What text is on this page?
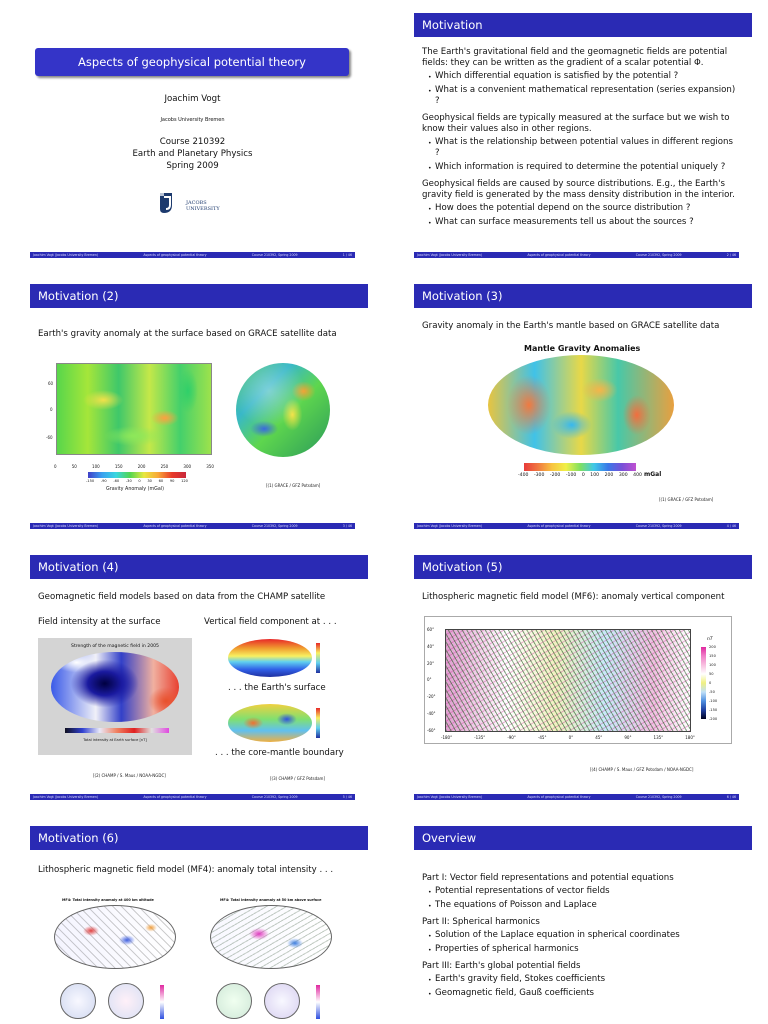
Aspects of geophysical potential theory
Joachim Vogt
Jacobs University Bremen
Course 210392
Earth and Planetary Physics
Spring 2009
JACOBS
UNIVERSITY
Joachim Vogt (Jacobs University Bremen)	Aspects of geophysical potential theory	Course 210392, Spring 2009	1 / 46
Motivation

The Earth's gravitational field and the geomagnetic fields are potential fields: they can be written as the gradient of a scalar potential Φ.

• Which differential equation is satisfied by the potential ?
• What is a convenient mathematical representation (series expansion) ?

Geophysical fields are typically measured at the surface but we wish to know their values also in other regions.

• What is the relationship between potential values in different regions ?
• Which information is required to determine the potential uniquely ?

Geophysical fields are caused by source distributions. E.g., the Earth's gravity field is generated by the mass density distribution in the interior.

• How does the potential depend on the source distribution ?
• What can surface measurements tell us about the sources ?
Joachim Vogt (Jacobs University Bremen)	Aspects of geophysical potential theory	Course 210392, Spring 2009	2 / 46
Motivation (2)
Earth's gravity anomaly at the surface based on GRACE satellite data
60
0
-60
0	50	100	150	200	250	300	350
-150 -90 -60 -30 0 30 60 90 120
Gravity Anomaly (mGal)
[(1) GRACE / GFZ Potsdam]
Joachim Vogt (Jacobs University Bremen)	Aspects of geophysical potential theory	Course 210392, Spring 2009	3 / 46
Motivation (3)
Gravity anomaly in the Earth's mantle based on GRACE satellite data
Mantle Gravity Anomalies
-400 -300 -200 -100 0 100 200 300 400 mGal
[(1) GRACE / GFZ Potsdam]
Joachim Vogt (Jacobs University Bremen)	Aspects of geophysical potential theory	Course 210392, Spring 2009	4 / 46
Motivation (4)
Geomagnetic field models based on data from the CHAMP satellite
Field intensity at the surface	Vertical field component at . . .
Strength of the magnetic field in 2005
Total intensity at Earth surface [nT]
. . . the Earth's surface
. . . the core-mantle boundary
[(2) CHAMP / S. Maus / NOAA-NGDC]
[(3) CHAMP / GFZ Potsdam]
Joachim Vogt (Jacobs University Bremen)	Aspects of geophysical potential theory	Course 210392, Spring 2009	5 / 46
Motivation (5)
Lithospheric magnetic field model (MF6): anomaly vertical component
60°
40°
20°
0°
-20°
-40°
-60°
-180°	-135°	-90°	-45°	0°	45°	90°	135°	180°
nT
200
150
100
50
0
-50
-100
-150
-200
[(4) CHAMP / S. Maus / GFZ Potsdam / NOAA-NGDC]
Joachim Vogt (Jacobs University Bremen)	Aspects of geophysical potential theory	Course 210392, Spring 2009	6 / 46
Motivation (6)
Lithospheric magnetic field model (MF4): anomaly total intensity . . .
MF4: Total intensity anomaly at 400 km altitude	MF4: Total intensity anomaly at 50 km above surface
Overview

Part I: Vector field representations and potential equations

• Potential representations of vector fields
• The equations of Poisson and Laplace

Part II: Spherical harmonics

• Solution of the Laplace equation in spherical coordinates
• Properties of spherical harmonics

Part III: Earth's global potential fields

• Earth's gravity field, Stokes coefficients
• Geomagnetic field, Gauß coefficients
